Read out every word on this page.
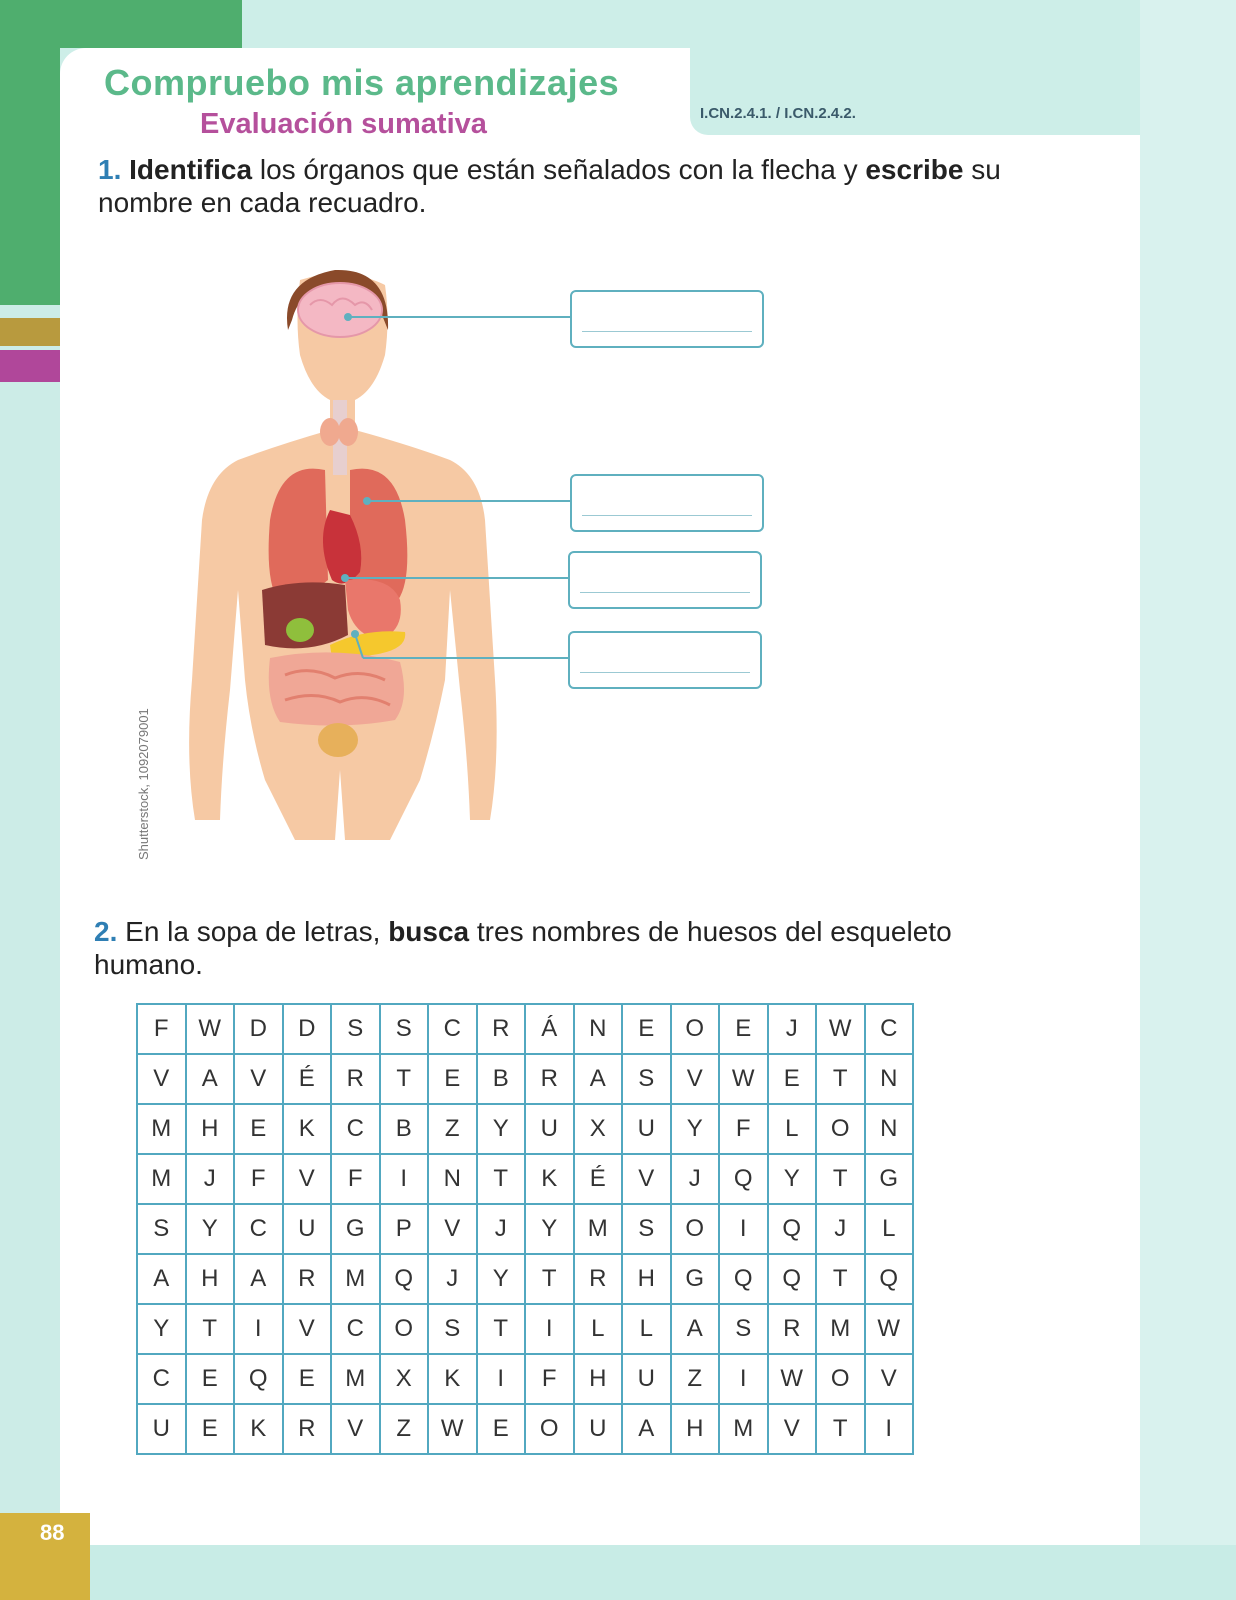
Compruebo mis aprendizajes
Evaluación sumativa	I.CN.2.4.1. / I.CN.2.4.2.
1. Identifica los órganos que están señalados con la flecha y escribe su nombre en cada recuadro.
Shutterstock, 1092079001
2. En la sopa de letras, busca tres nombres de huesos del esqueleto humano.
F	W	D	D	S	S	C	R	Á	N	E	O	E	J	W	C
V	A	V	É	R	T	E	B	R	A	S	V	W	E	T	N
M	H	E	K	C	B	Z	Y	U	X	U	Y	F	L	O	N
M	J	F	V	F	I	N	T	K	É	V	J	Q	Y	T	G
S	Y	C	U	G	P	V	J	Y	M	S	O	I	Q	J	L
A	H	A	R	M	Q	J	Y	T	R	H	G	Q	Q	T	Q
Y	T	I	V	C	O	S	T	I	L	L	A	S	R	M	W
C	E	Q	E	M	X	K	I	F	H	U	Z	I	W	O	V
U	E	K	R	V	Z	W	E	O	U	A	H	M	V	T	I
88
